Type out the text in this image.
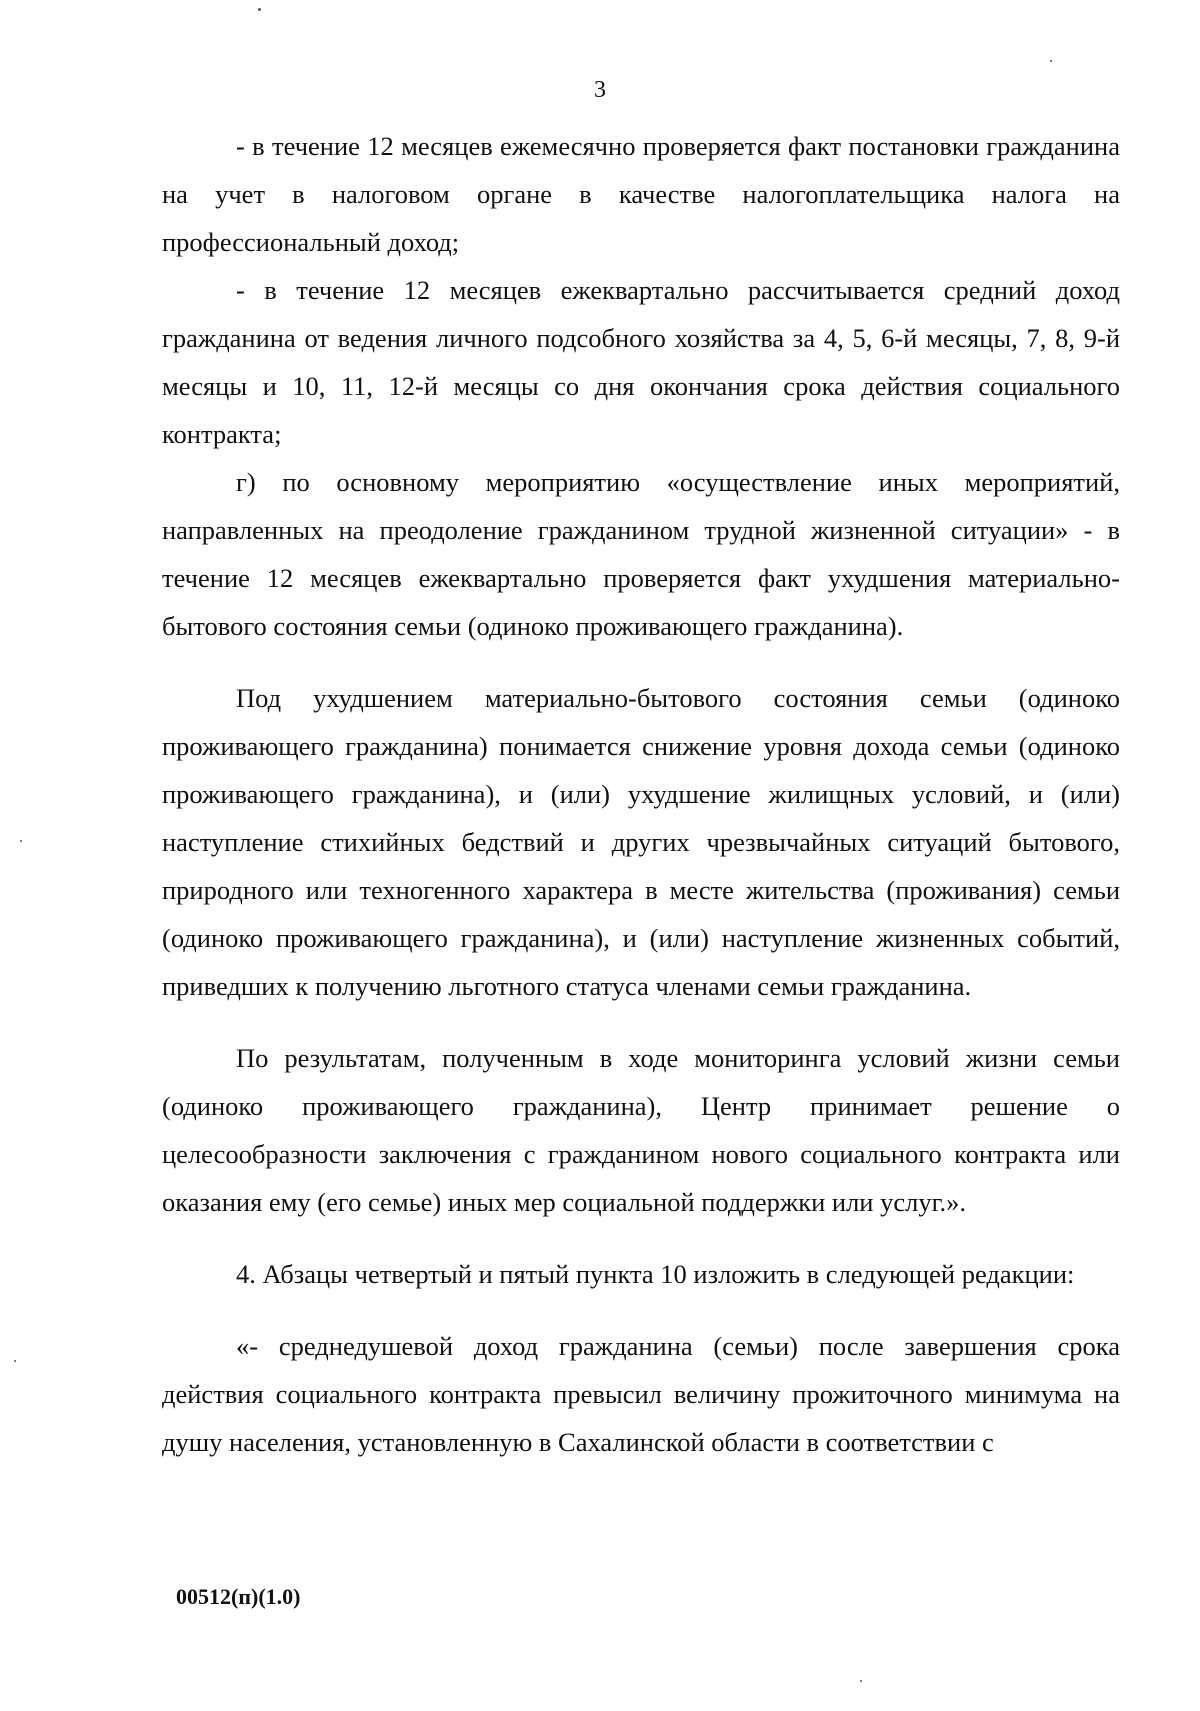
3

- в течение 12 месяцев ежемесячно проверяется факт постановки гражданина на учет в налоговом органе в качестве налогоплательщика налога на профессиональный доход;

- в течение 12 месяцев ежеквартально рассчитывается средний доход гражданина от ведения личного подсобного хозяйства за 4, 5, 6-й месяцы, 7, 8, 9-й месяцы и 10, 11, 12-й месяцы со дня окончания срока действия социального контракта;

г) по основному мероприятию «осуществление иных мероприятий, направленных на преодоление гражданином трудной жизненной ситуации» - в течение 12 месяцев ежеквартально проверяется факт ухудшения материально-бытового состояния семьи (одиноко проживающего гражданина).

Под ухудшением материально-бытового состояния семьи (одиноко проживающего гражданина) понимается снижение уровня дохода семьи (одиноко проживающего гражданина), и (или) ухудшение жилищных условий, и (или) наступление стихийных бедствий и других чрезвычайных ситуаций бытового, природного или техногенного характера в месте жительства (проживания) семьи (одиноко проживающего гражданина), и (или) наступление жизненных событий, приведших к получению льготного статуса членами семьи гражданина.

По результатам, полученным в ходе мониторинга условий жизни семьи (одиноко проживающего гражданина), Центр принимает решение о целесообразности заключения с гражданином нового социального контракта или оказания ему (его семье) иных мер социальной поддержки или услуг.».

4. Абзацы четвертый и пятый пункта 10 изложить в следующей редакции:

«- среднедушевой доход гражданина (семьи) после завершения срока действия социального контракта превысил величину прожиточного минимума на душу населения, установленную в Сахалинской области в соответствии с

00512(п)(1.0)
